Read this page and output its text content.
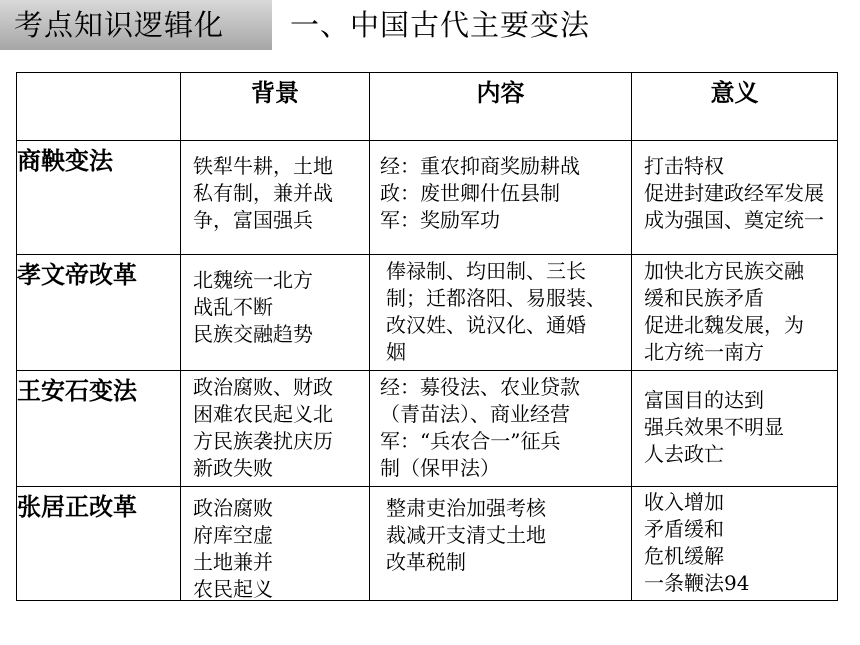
考点知识逻辑化	一、中国古代主要变法
	背景	内容	意义
商鞅变法	铁犁牛耕，土地
私有制，兼并战
争，富国强兵	经：重农抑商奖励耕战
政：废世卿什伍县制
军：奖励军功	打击特权
促进封建政经军发展
成为强国、奠定统一

孝文帝改革	北魏统一北方
战乱不断
民族交融趋势	俸禄制、均田制、三长
制；迁都洛阳、易服装、
改汉姓、说汉化、通婚
姻	加快北方民族交融
缓和民族矛盾
促进北魏发展，为
北方统一南方

王安石变法	政治腐败、财政
困难农民起义北
方民族袭扰庆历
新政失败	经：募役法、农业贷款
（青苗法）、商业经营
军：“兵农合一”征兵
制（保甲法）	富国目的达到
强兵效果不明显
人去政亡

张居正改革	政治腐败
府库空虚
土地兼并
农民起义	整肃吏治加强考核
裁减开支清丈土地
改革税制	收入增加
矛盾缓和
危机缓解
一条鞭法94
